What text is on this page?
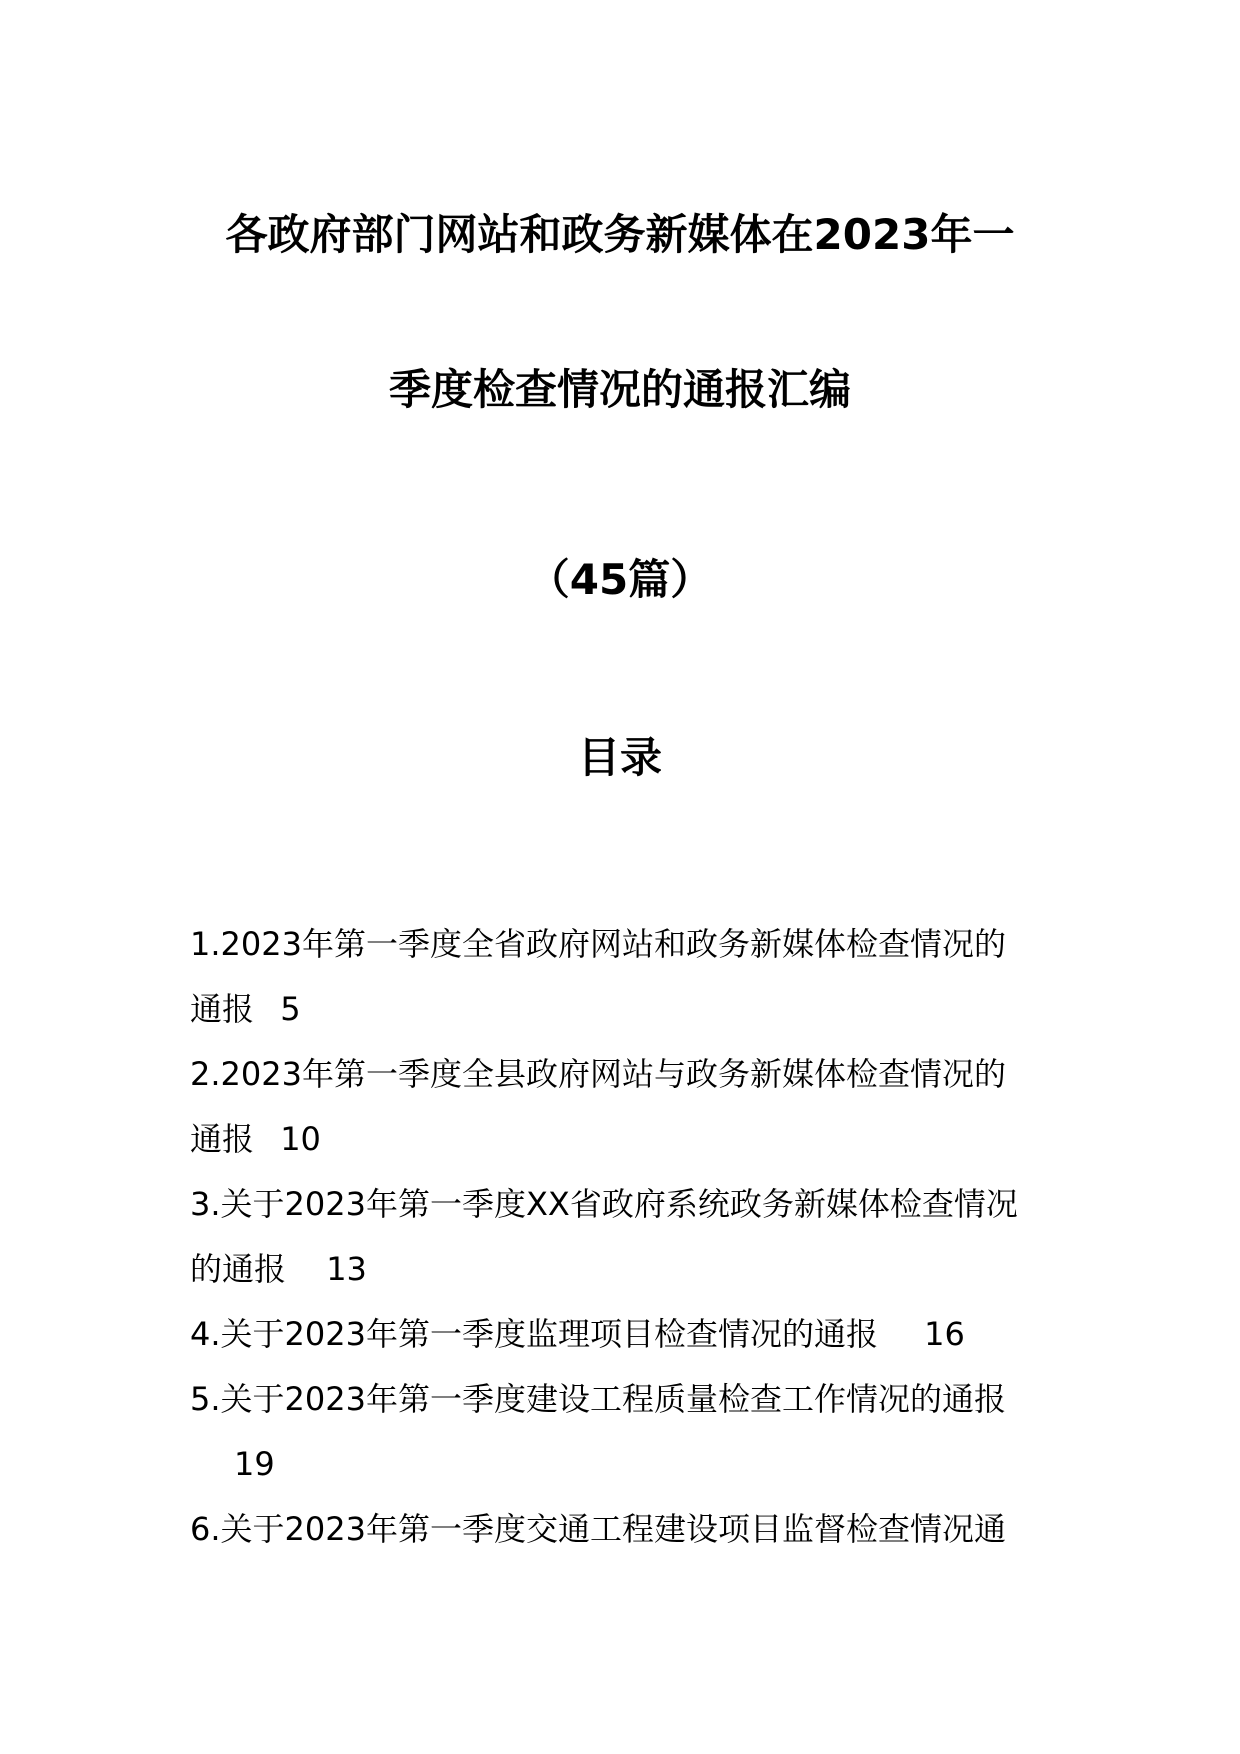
各政府部门网站和政务新媒体在2023年一
季度检查情况的通报汇编
（45篇）
目录
1.2023年第一季度全省政府网站和政务新媒体检查情况的
通报 5
2.2023年第一季度全县政府网站与政务新媒体检查情况的
通报 10
3.关于2023年第一季度XX省政府系统政务新媒体检查情况
的通报 13
4.关于2023年第一季度监理项目检查情况的通报 16
5.关于2023年第一季度建设工程质量检查工作情况的通报
19
6.关于2023年第一季度交通工程建设项目监督检查情况通
